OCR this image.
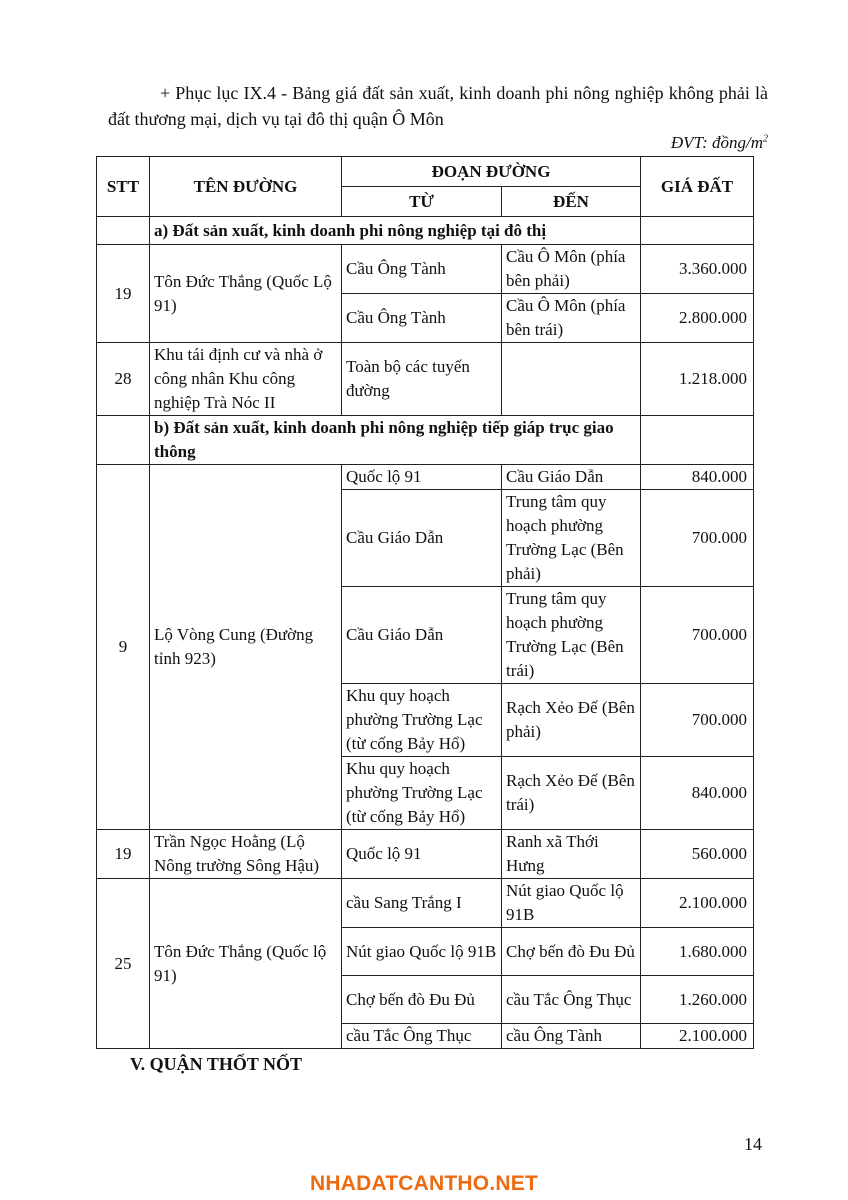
+ Phục lục IX.4 - Bảng giá đất sản xuất, kinh doanh phi nông nghiệp không phải là đất thương mại, dịch vụ tại đô thị quận Ô Môn
ĐVT: đồng/$m^2$
STT	TÊN ĐƯỜNG	ĐOẠN ĐƯỜNG		GIÁ ĐẤT
		TỪ	ĐẾN	
	a) Đất sản xuất, kinh doanh phi nông nghiệp tại đô thị			
19	Tôn Đức Thắng (Quốc Lộ 91)	Cầu Ông Tành	Cầu Ô Môn (phía bên phải)	3.360.000
		Cầu Ông Tành	Cầu Ô Môn (phía bên trái)	2.800.000
28	Khu tái định cư và nhà ở công nhân Khu công nghiệp Trà Nóc II	Toàn bộ các tuyến đường		1.218.000
	b) Đất sản xuất, kinh doanh phi nông nghiệp tiếp giáp trục giao thông			
9	Lộ Vòng Cung (Đường tỉnh 923)	Quốc lộ 91	Cầu Giáo Dẫn	840.000
		Cầu Giáo Dẫn	Trung tâm quy hoạch phường Trường Lạc (Bên phải)	700.000
		Cầu Giáo Dẫn	Trung tâm quy hoạch phường Trường Lạc (Bên trái)	700.000
		Khu quy hoạch phường Trường Lạc (từ cống Bảy Hổ)	Rạch Xẻo Đế (Bên phải)	700.000
		Khu quy hoạch phường Trường Lạc (từ cống Bảy Hổ)	Rạch Xẻo Đế (Bên trái)	840.000
19	Trần Ngọc Hoằng (Lộ Nông trường Sông Hậu)	Quốc lộ 91	Ranh xã Thới Hưng	560.000
25	Tôn Đức Thắng (Quốc lộ 91)	cầu Sang Trắng I	Nút giao Quốc lộ 91B	2.100.000
		Nút giao Quốc lộ 91B	Chợ bến đò Đu Đủ	1.680.000
		Chợ bến đò Đu Đủ	cầu Tắc Ông Thục	1.260.000
		cầu Tắc Ông Thục	cầu Ông Tành	2.100.000
V. QUẬN THỐT NỐT
14
NHADATCANTHO.NET
